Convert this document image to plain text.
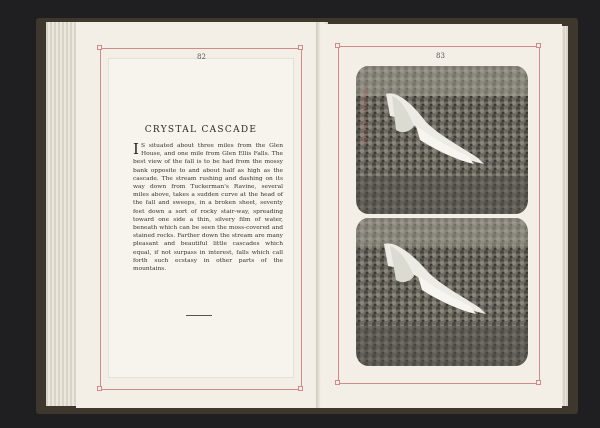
82
CRYSTAL CASCADE
I S situated about three miles from the Glen House, and one mile from Glen Ellis Falls. The best view of the fall is to be had from the mossy bank opposite to and about half as high as the cascade. The stream rushing and dashing on its way down from Tuckerman's Ravine, several miles above, takes a sudden curve at the head of the fall and sweeps, in a broken sheet, seventy feet down a sort of rocky stair-way, spreading toward one side a thin, silvery film of water, beneath which can be seen the moss-covered and stained rocks. Farther down the stream are many pleasant and beautiful little cascades which equal, if not surpass in interest, falls which call forth such ecstasy in other parts of the mountains.
83
CRYSTAL CASCADE
